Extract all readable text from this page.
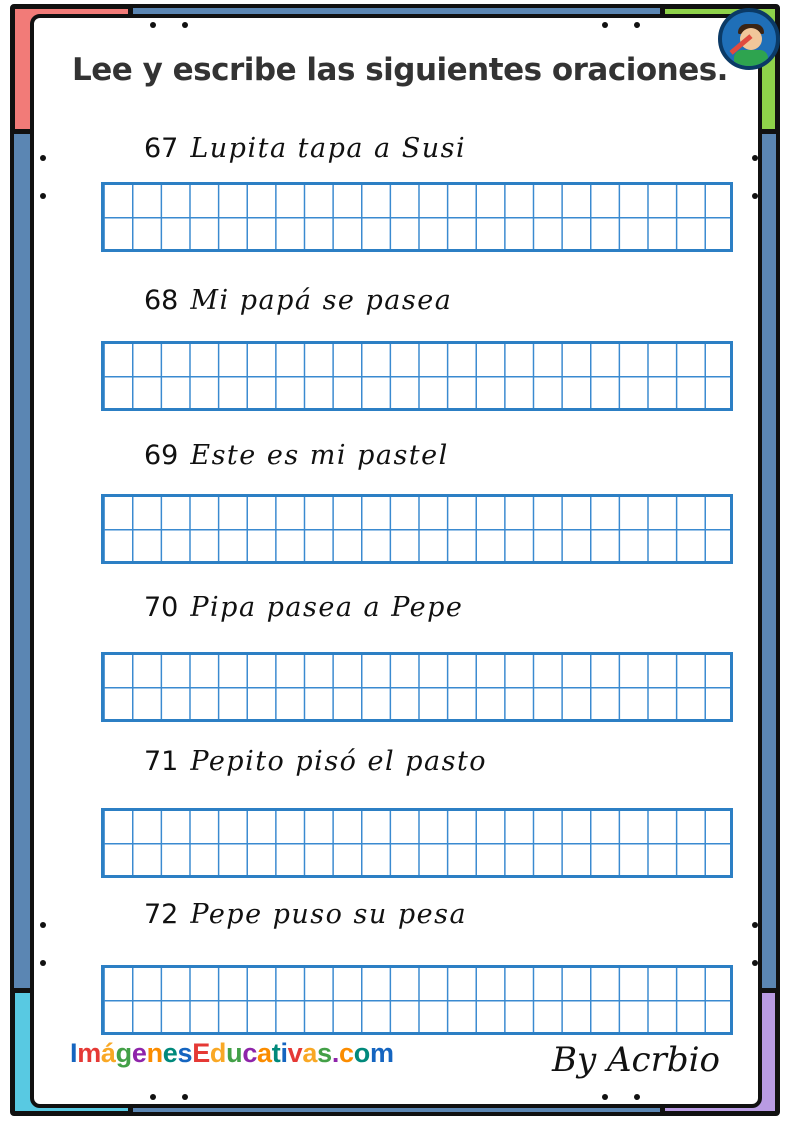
Lee y escribe las siguientes oraciones.
67 Lupita tapa a Susi
68 Mi papá se pasea
69 Este es mi pastel
70 Pipa pasea a Pepe
71 Pepito pisó el pasto
72 Pepe puso su pesa
ImágenesEducativas.com	By Acrbio
